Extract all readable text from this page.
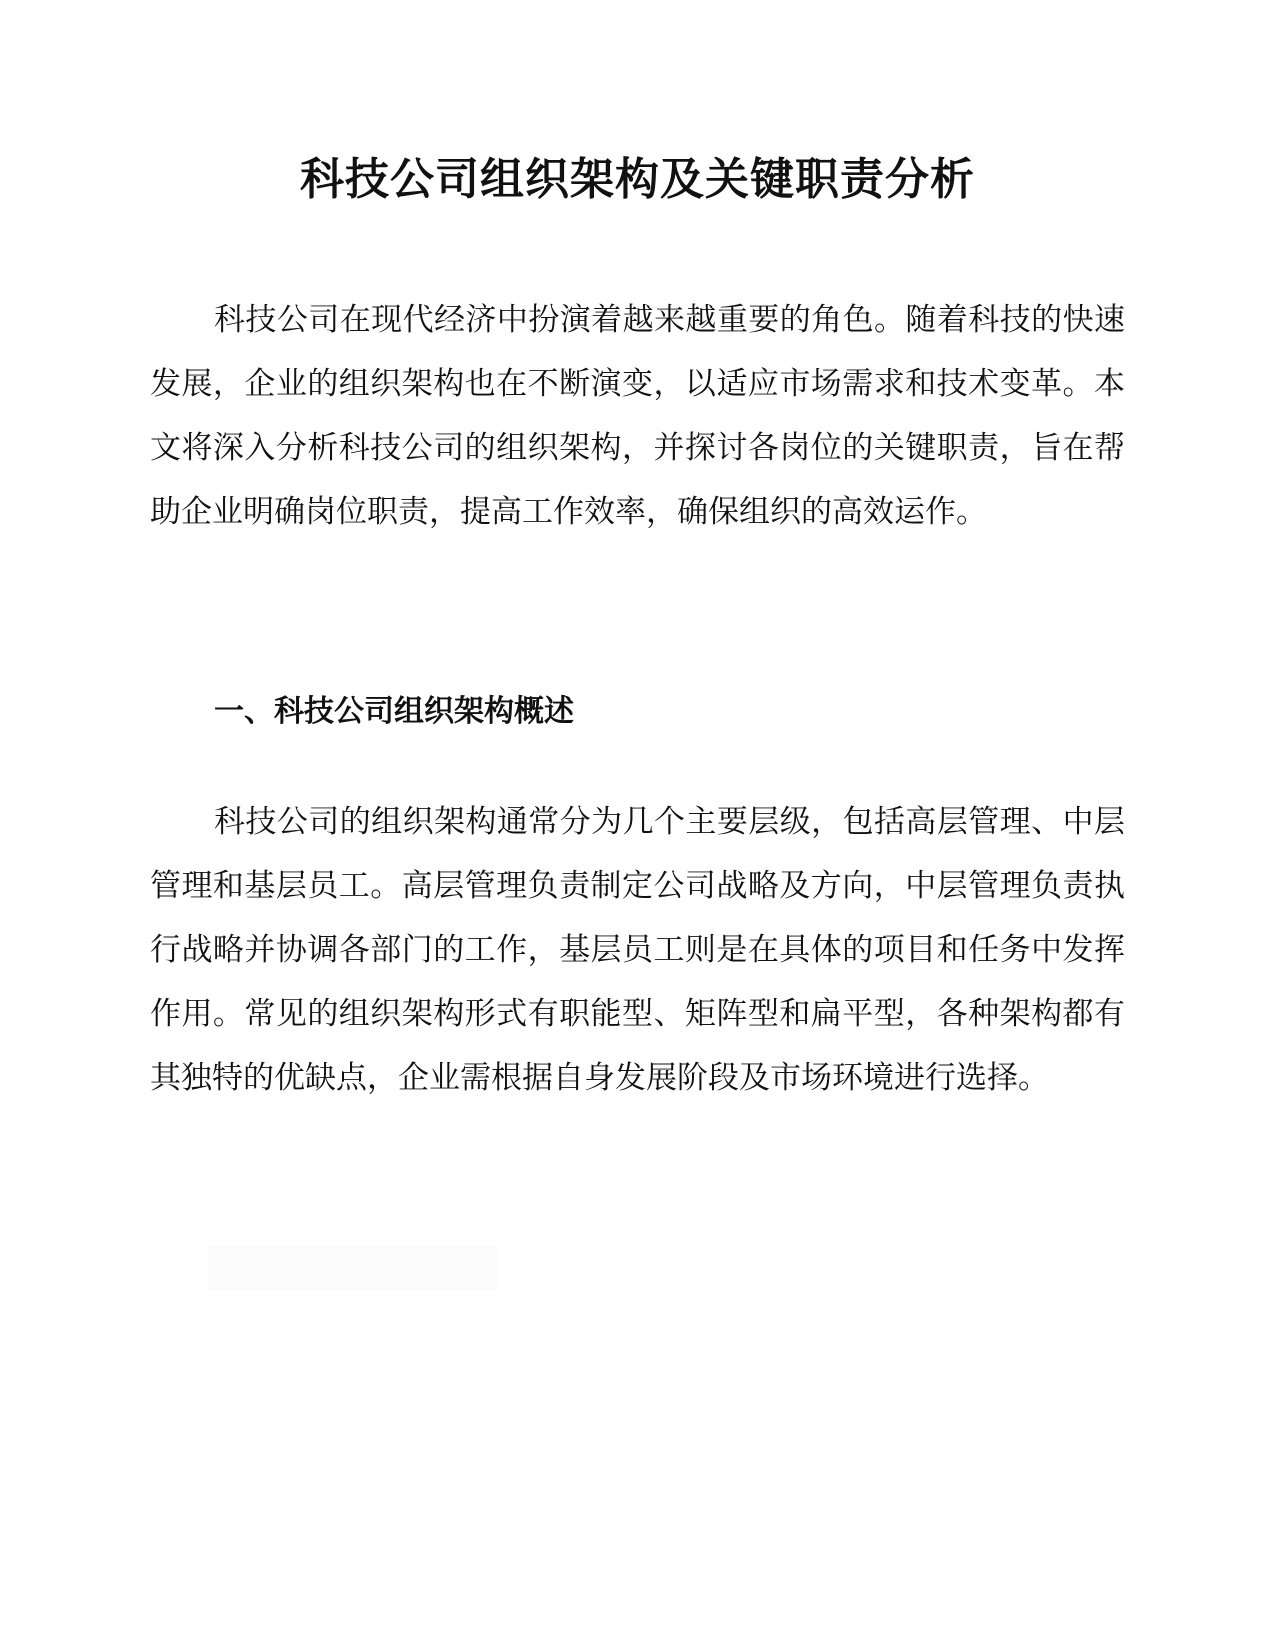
科技公司组织架构及关键职责分析

科技公司在现代经济中扮演着越来越重要的角色。随着科技的快速发展，企业的组织架构也在不断演变，以适应市场需求和技术变革。本文将深入分析科技公司的组织架构，并探讨各岗位的关键职责，旨在帮助企业明确岗位职责，提高工作效率，确保组织的高效运作。

一、科技公司组织架构概述

科技公司的组织架构通常分为几个主要层级，包括高层管理、中层管理和基层员工。高层管理负责制定公司战略及方向，中层管理负责执行战略并协调各部门的工作，基层员工则是在具体的项目和任务中发挥作用。常见的组织架构形式有职能型、矩阵型和扁平型，各种架构都有其独特的优缺点，企业需根据自身发展阶段及市场环境进行选择。
